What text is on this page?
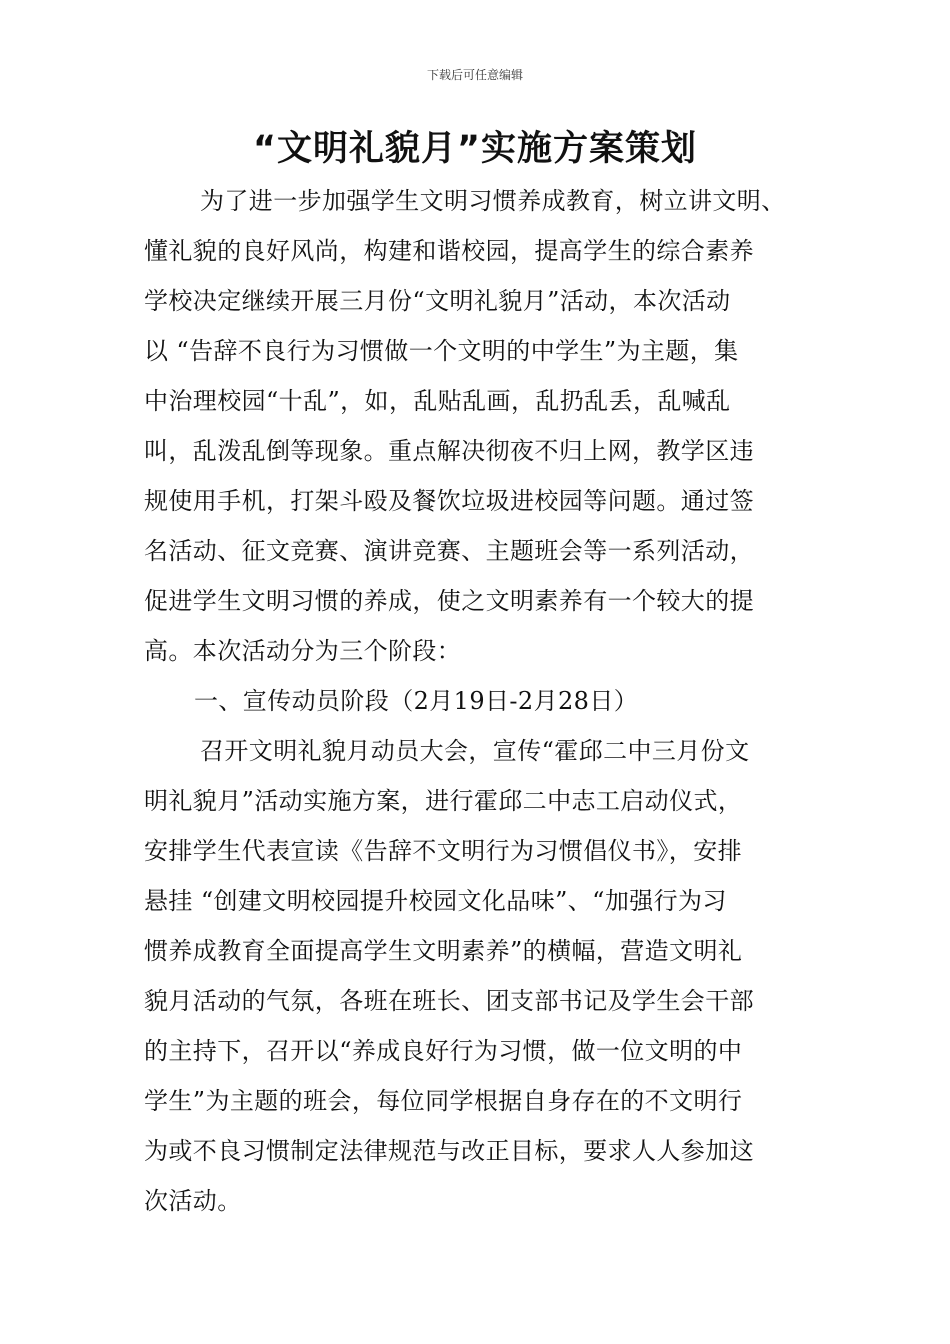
下载后可任意编辑
“文明礼貌月”实施方案策划
为了进一步加强学生文明习惯养成教育，树立讲文明、
懂礼貌的良好风尚，构建和谐校园，提高学生的综合素养
学校决定继续开展三月份“文明礼貌月”活动，本次活动
以 “告辞不良行为习惯做一个文明的中学生”为主题，集
中治理校园“十乱”，如，乱贴乱画，乱扔乱丢，乱喊乱
叫，乱泼乱倒等现象。重点解决彻夜不归上网，教学区违
规使用手机，打架斗殴及餐饮垃圾进校园等问题。通过签
名活动、征文竞赛、演讲竞赛、主题班会等一系列活动，
促进学生文明习惯的养成，使之文明素养有一个较大的提
高。本次活动分为三个阶段：
一、宣传动员阶段（2月19日-2月28日）
召开文明礼貌月动员大会，宣传“霍邱二中三月份文
明礼貌月”活动实施方案，进行霍邱二中志工启动仪式，
安排学生代表宣读《告辞不文明行为习惯倡仪书》，安排
悬挂 “创建文明校园提升校园文化品味”、“加强行为习
惯养成教育全面提高学生文明素养”的横幅，营造文明礼
貌月活动的气氛，各班在班长、团支部书记及学生会干部
的主持下，召开以“养成良好行为习惯，做一位文明的中
学生”为主题的班会，每位同学根据自身存在的不文明行
为或不良习惯制定法律规范与改正目标，要求人人参加这
次活动。
